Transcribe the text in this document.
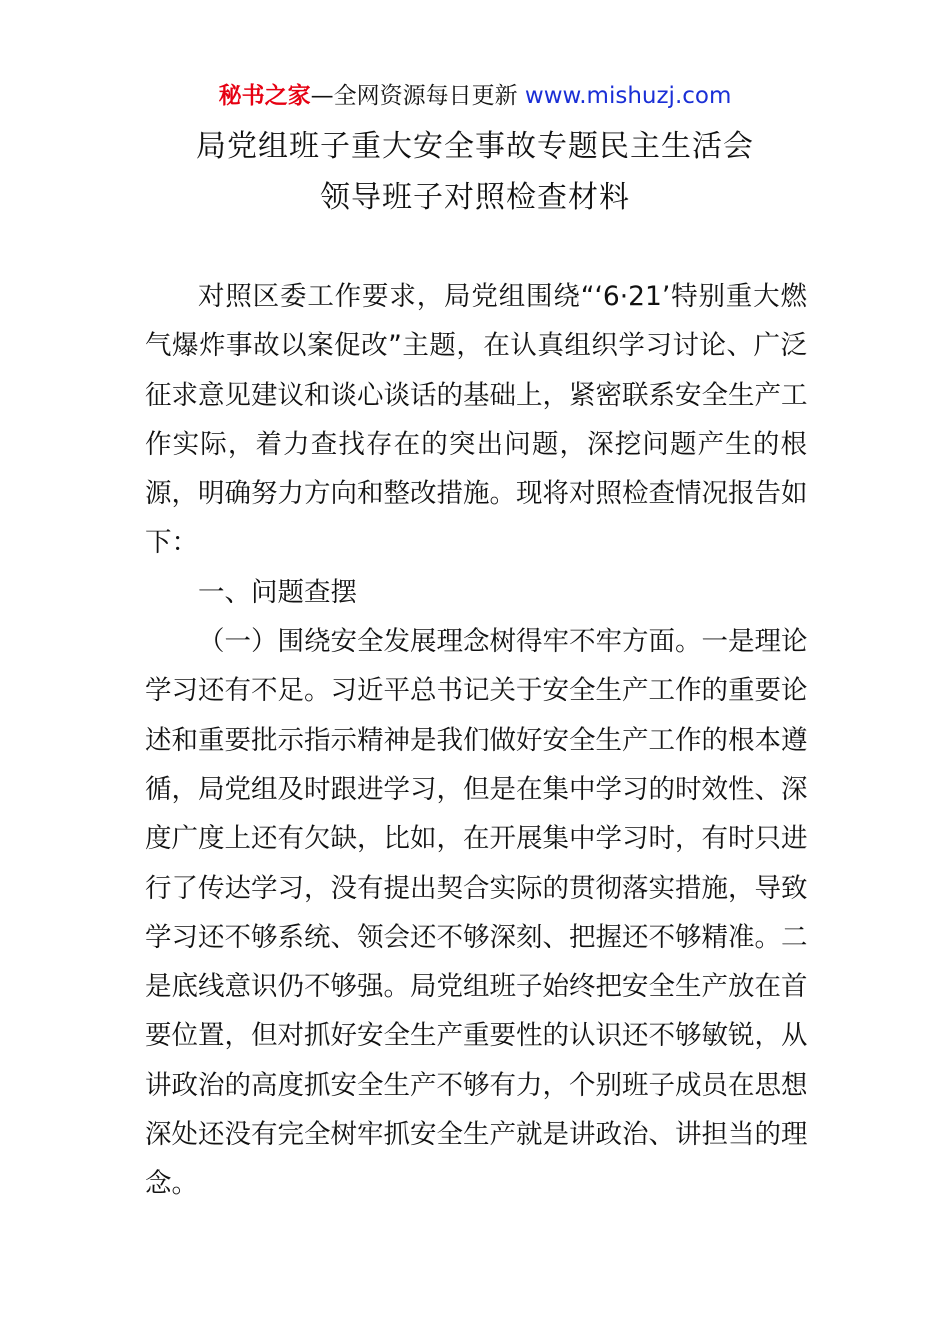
秘书之家—全网资源每日更新 www.mishuzj.com
局党组班子重大安全事故专题民主生活会
领导班子对照检查材料
对照区委工作要求，局党组围绕“‘6·21’特别重大燃
气爆炸事故以案促改”主题，在认真组织学习讨论、广泛
征求意见建议和谈心谈话的基础上，紧密联系安全生产工
作实际，着力查找存在的突出问题，深挖问题产生的根
源，明确努力方向和整改措施。现将对照检查情况报告如
下：
一、问题查摆
（一）围绕安全发展理念树得牢不牢方面。一是理论
学习还有不足。习近平总书记关于安全生产工作的重要论
述和重要批示指示精神是我们做好安全生产工作的根本遵
循，局党组及时跟进学习，但是在集中学习的时效性、深
度广度上还有欠缺，比如，在开展集中学习时，有时只进
行了传达学习，没有提出契合实际的贯彻落实措施，导致
学习还不够系统、领会还不够深刻、把握还不够精准。二
是底线意识仍不够强。局党组班子始终把安全生产放在首
要位置，但对抓好安全生产重要性的认识还不够敏锐，从
讲政治的高度抓安全生产不够有力，个别班子成员在思想
深处还没有完全树牢抓安全生产就是讲政治、讲担当的理
念。
